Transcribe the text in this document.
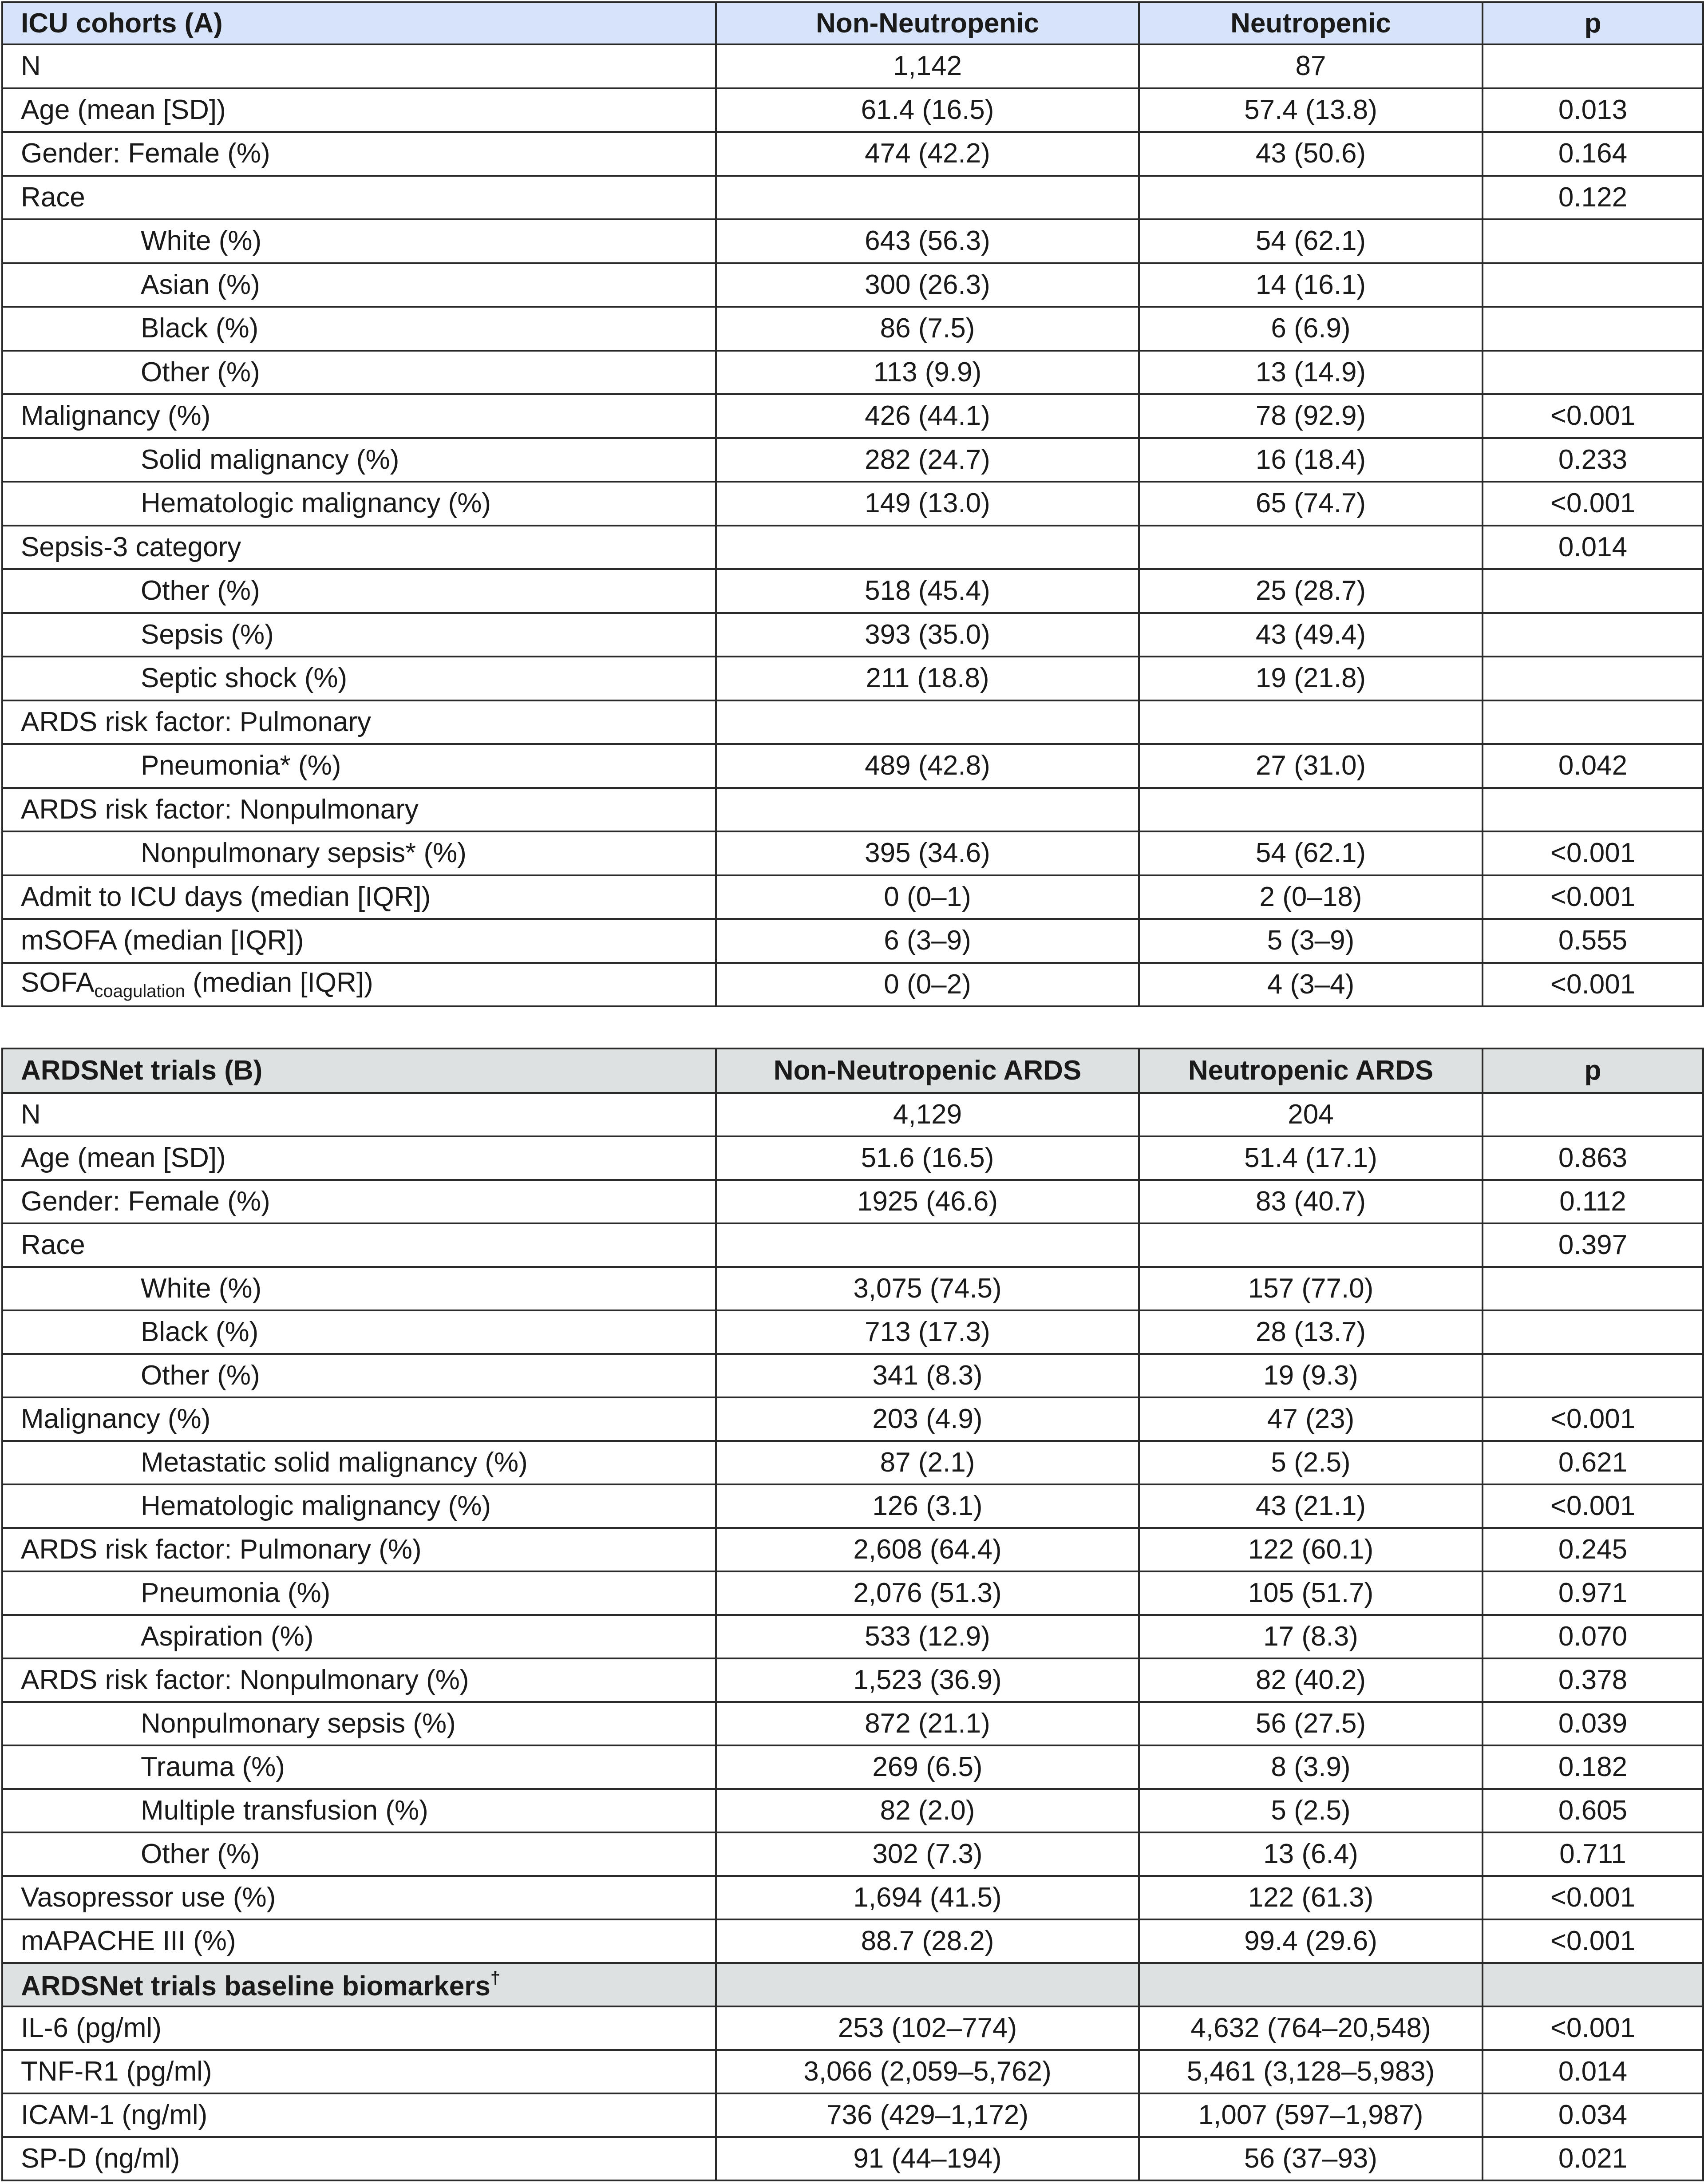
ICU cohorts (A)	Non-Neutropenic	Neutropenic	p
N	1,142	87	
Age (mean [SD])	61.4 (16.5)	57.4 (13.8)	0.013
Gender: Female (%)	474 (42.2)	43 (50.6)	0.164
Race			0.122
White (%)	643 (56.3)	54 (62.1)	
Asian (%)	300 (26.3)	14 (16.1)	
Black (%)	86 (7.5)	6 (6.9)	
Other (%)	113 (9.9)	13 (14.9)	
Malignancy (%)	426 (44.1)	78 (92.9)	<0.001
Solid malignancy (%)	282 (24.7)	16 (18.4)	0.233
Hematologic malignancy (%)	149 (13.0)	65 (74.7)	<0.001
Sepsis-3 category			0.014
Other (%)	518 (45.4)	25 (28.7)	
Sepsis (%)	393 (35.0)	43 (49.4)	
Septic shock (%)	211 (18.8)	19 (21.8)	
ARDS risk factor: Pulmonary			
Pneumonia* (%)	489 (42.8)	27 (31.0)	0.042
ARDS risk factor: Nonpulmonary			
Nonpulmonary sepsis* (%)	395 (34.6)	54 (62.1)	<0.001
Admit to ICU days (median [IQR])	0 (0–1)	2 (0–18)	<0.001
mSOFA (median [IQR])	6 (3–9)	5 (3–9)	0.555
$SOFA_{coagulation}$ (median [IQR])	0 (0–2)	4 (3–4)	<0.001
ARDSNet trials (B)	Non-Neutropenic ARDS	Neutropenic ARDS	p
N	4,129	204	
Age (mean [SD])	51.6 (16.5)	51.4 (17.1)	0.863
Gender: Female (%)	1925 (46.6)	83 (40.7)	0.112
Race			0.397
White (%)	3,075 (74.5)	157 (77.0)	
Black (%)	713 (17.3)	28 (13.7)	
Other (%)	341 (8.3)	19 (9.3)	
Malignancy (%)	203 (4.9)	47 (23)	<0.001
Metastatic solid malignancy (%)	87 (2.1)	5 (2.5)	0.621
Hematologic malignancy (%)	126 (3.1)	43 (21.1)	<0.001
ARDS risk factor: Pulmonary (%)	2,608 (64.4)	122 (60.1)	0.245
Pneumonia (%)	2,076 (51.3)	105 (51.7)	0.971
Aspiration (%)	533 (12.9)	17 (8.3)	0.070
ARDS risk factor: Nonpulmonary (%)	1,523 (36.9)	82 (40.2)	0.378
Nonpulmonary sepsis (%)	872 (21.1)	56 (27.5)	0.039
Trauma (%)	269 (6.5)	8 (3.9)	0.182
Multiple transfusion (%)	82 (2.0)	5 (2.5)	0.605
Other (%)	302 (7.3)	13 (6.4)	0.711
Vasopressor use (%)	1,694 (41.5)	122 (61.3)	<0.001
mAPACHE III (%)	88.7 (28.2)	99.4 (29.6)	<0.001
ARDSNet trials baseline biomarkers†			
IL-6 (pg/ml)	253 (102–774)	4,632 (764–20,548)	<0.001
TNF-R1 (pg/ml)	3,066 (2,059–5,762)	5,461 (3,128–5,983)	0.014
ICAM-1 (ng/ml)	736 (429–1,172)	1,007 (597–1,987)	0.034
SP-D (ng/ml)	91 (44–194)	56 (37–93)	0.021
